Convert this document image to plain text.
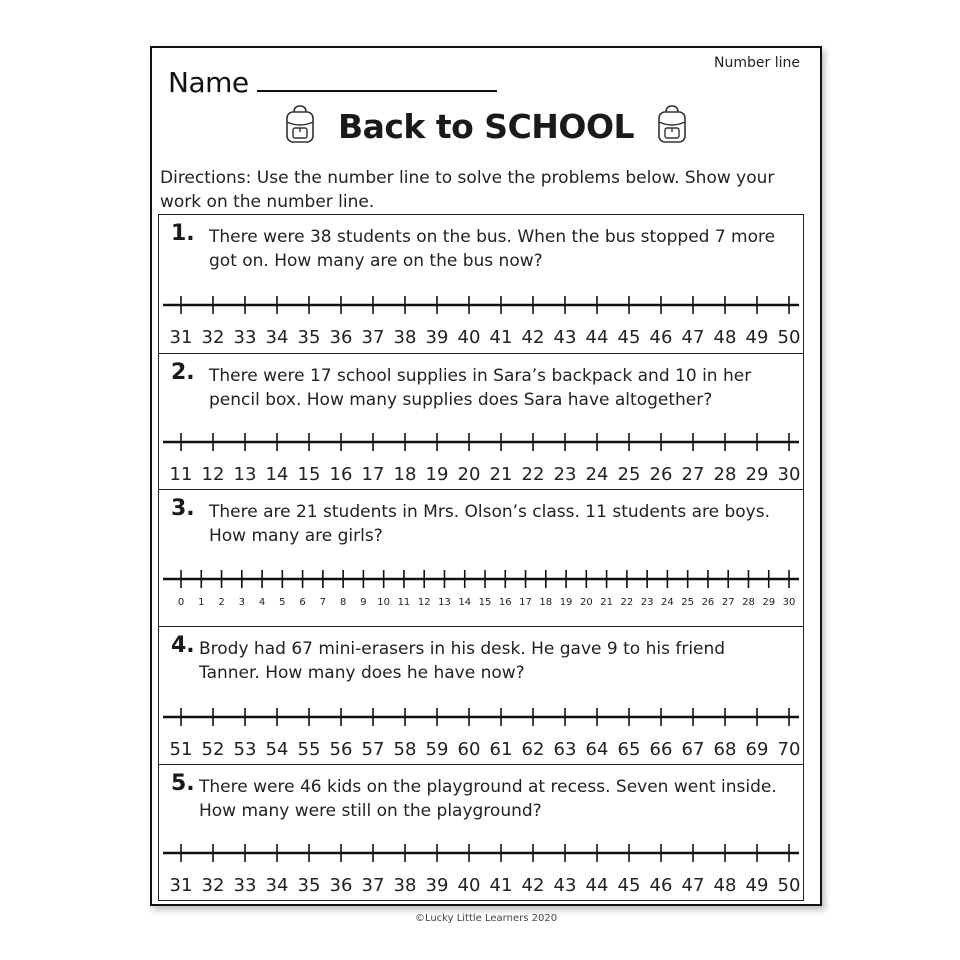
Number line
Name
Back to SCHOOL
Directions: Use the number line to solve the problems below. Show your work on the number line.
1. There were 38 students on the bus. When the bus stopped 7 more got on. How many are on the bus now?
31 32 33 34 35 36 37 38 39 40 41 42 43 44 45 46 47 48 49 50
2. There were 17 school supplies in Sara’s backpack and 10 in her pencil box. How many supplies does Sara have altogether?
11 12 13 14 15 16 17 18 19 20 21 22 23 24 25 26 27 28 29 30
3. There are 21 students in Mrs. Olson’s class. 11 students are boys. How many are girls?
0 1 2 3 4 5 6 7 8 9 10 11 12 13 14 15 16 17 18 19 20 21 22 23 24 25 26 27 28 29 30
4. Brody had 67 mini-erasers in his desk. He gave 9 to his friend Tanner. How many does he have now?
51 52 53 54 55 56 57 58 59 60 61 62 63 64 65 66 67 68 69 70
5. There were 46 kids on the playground at recess. Seven went inside. How many were still on the playground?
31 32 33 34 35 36 37 38 39 40 41 42 43 44 45 46 47 48 49 50
©Lucky Little Learners 2020
